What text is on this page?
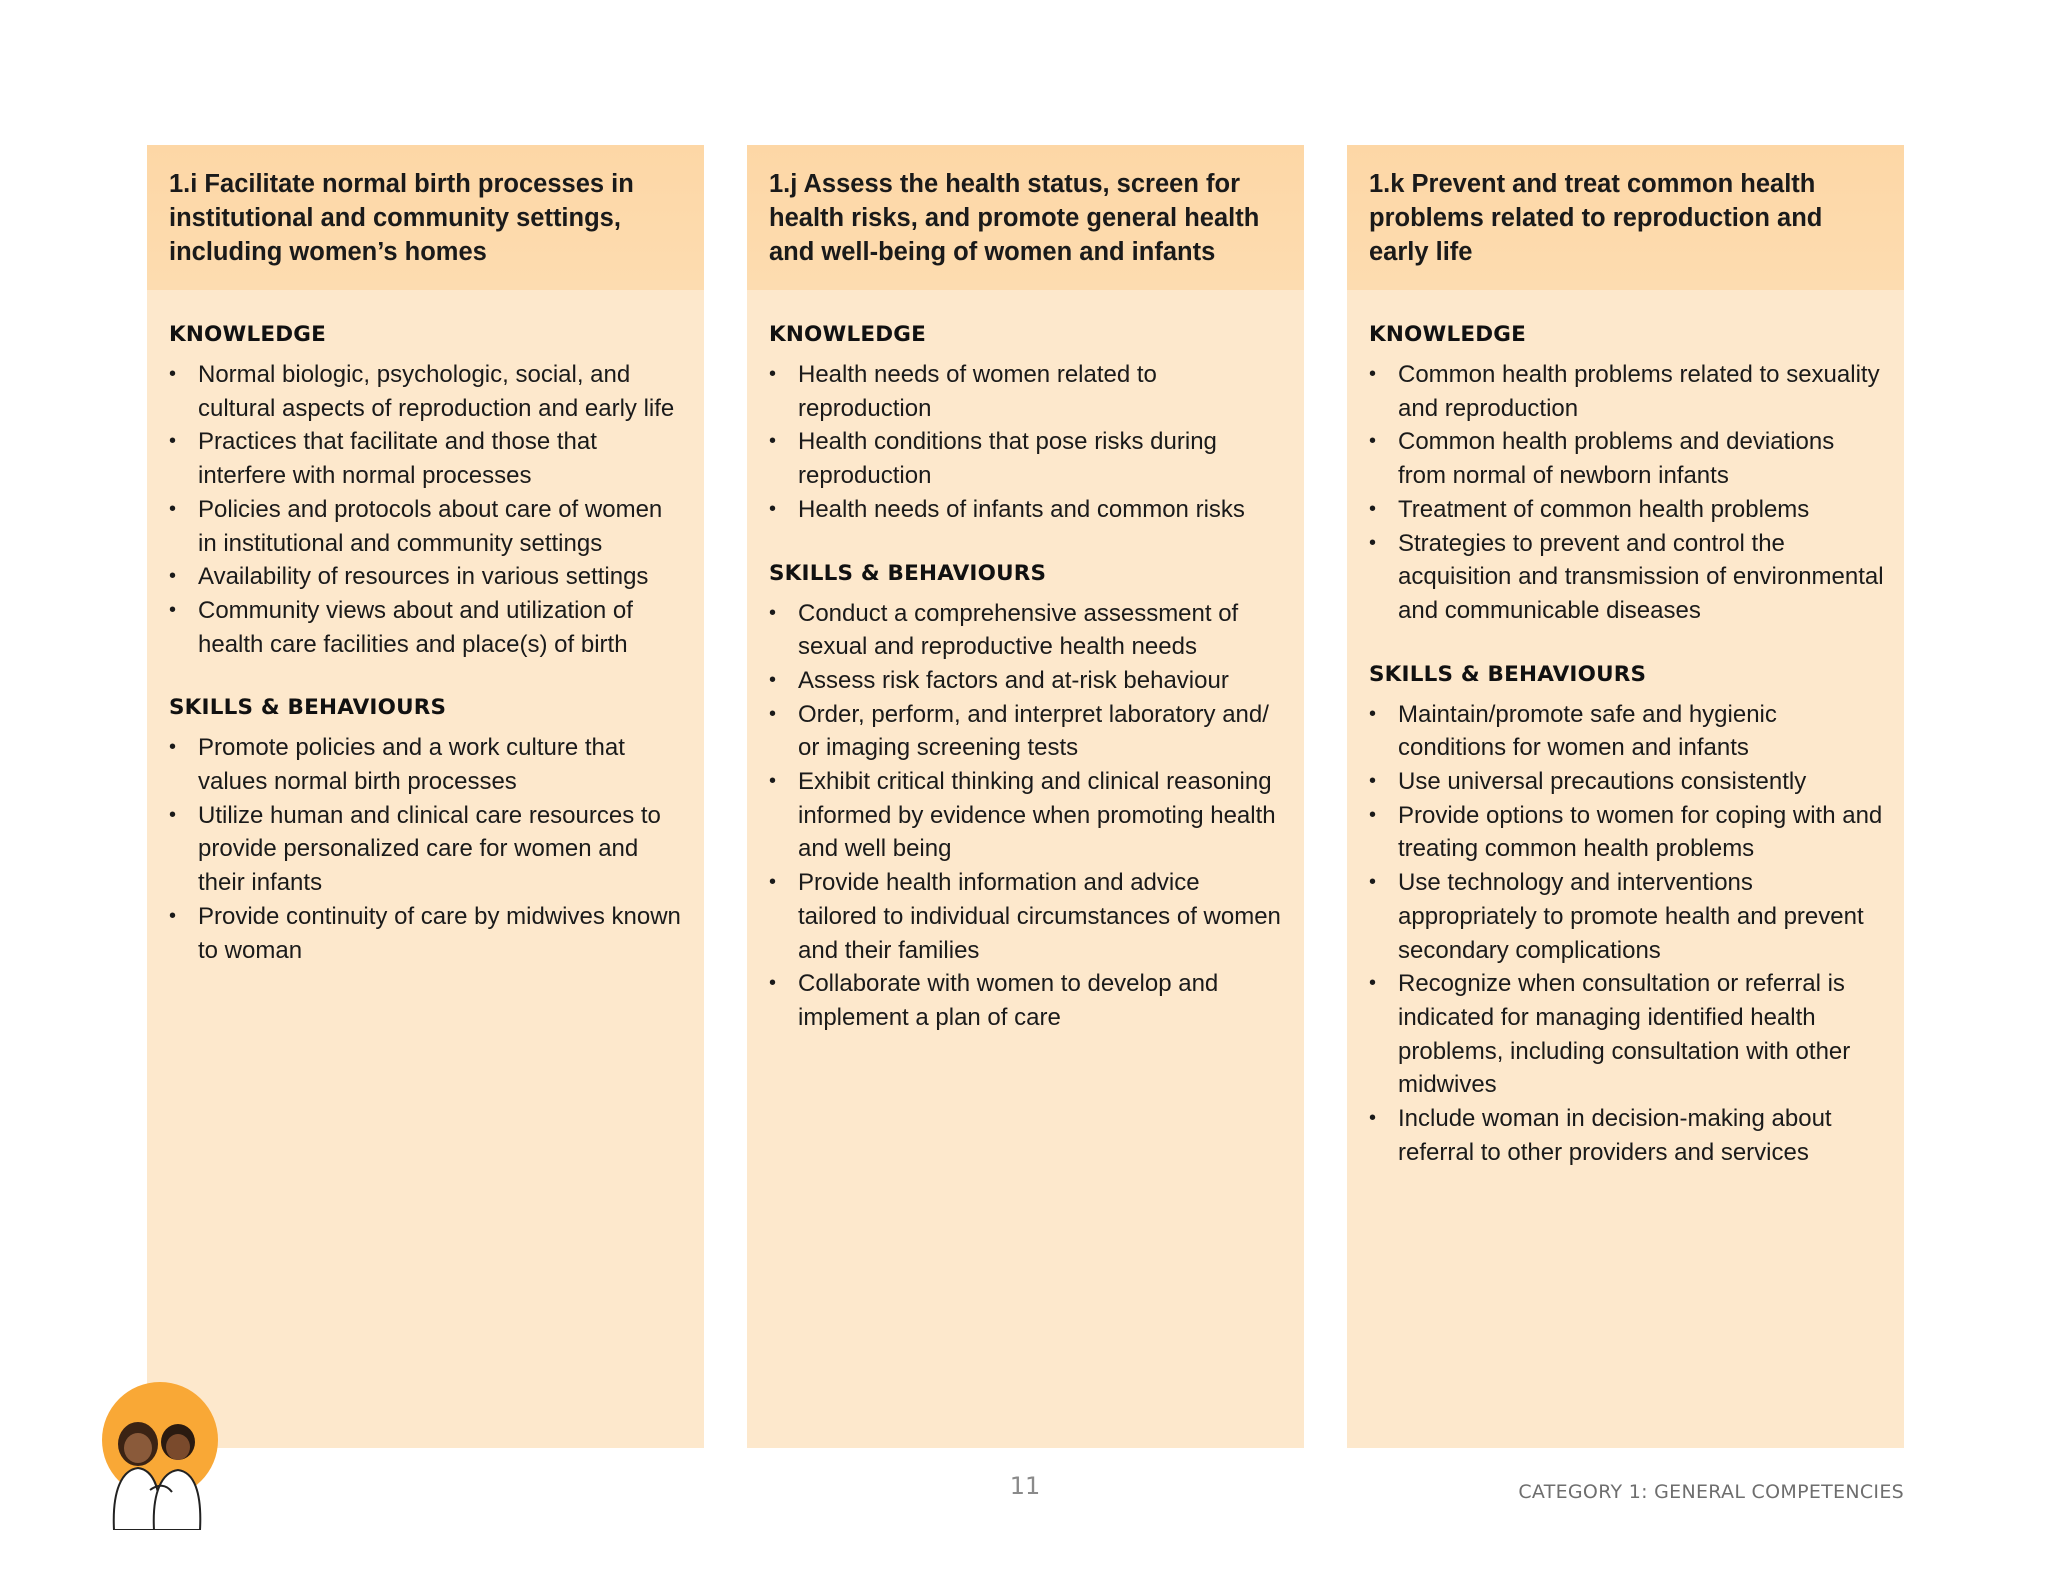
1.i Facilitate normal birth processes in institutional and community settings, including women’s homes
KNOWLEDGE
• Normal biologic, psychologic, social, and cultural aspects of reproduction and early life
• Practices that facilitate and those that interfere with normal processes
• Policies and protocols about care of women in institutional and community settings
• Availability of resources in various settings
• Community views about and utilization of health care facilities and place(s) of birth
SKILLS & BEHAVIOURS
• Promote policies and a work culture that values normal birth processes
• Utilize human and clinical care resources to provide personalized care for women and their infants
• Provide continuity of care by midwives known to woman
1.j Assess the health status, screen for health risks, and promote general health and well-being of women and infants
KNOWLEDGE
• Health needs of women related to reproduction
• Health conditions that pose risks during reproduction
• Health needs of infants and common risks
SKILLS & BEHAVIOURS
• Conduct a comprehensive assessment of sexual and reproductive health needs
• Assess risk factors and at-risk behaviour
• Order, perform, and interpret laboratory and/ or imaging screening tests
• Exhibit critical thinking and clinical reasoning informed by evidence when promoting health and well being
• Provide health information and advice tailored to individual circumstances of women and their families
• Collaborate with women to develop and implement a plan of care
1.k Prevent and treat common health problems related to reproduction and early life
KNOWLEDGE
• Common health problems related to sexuality and reproduction
• Common health problems and deviations from normal of newborn infants
• Treatment of common health problems
• Strategies to prevent and control the acquisition and transmission of environmental and communicable diseases
SKILLS & BEHAVIOURS
• Maintain/promote safe and hygienic conditions for women and infants
• Use universal precautions consistently
• Provide options to women for coping with and treating common health problems
• Use technology and interventions appropriately to promote health and prevent secondary complications
• Recognize when consultation or referral is indicated for managing identified health problems, including consultation with other midwives
• Include woman in decision-making about referral to other providers and services
11	CATEGORY 1: GENERAL COMPETENCIES
